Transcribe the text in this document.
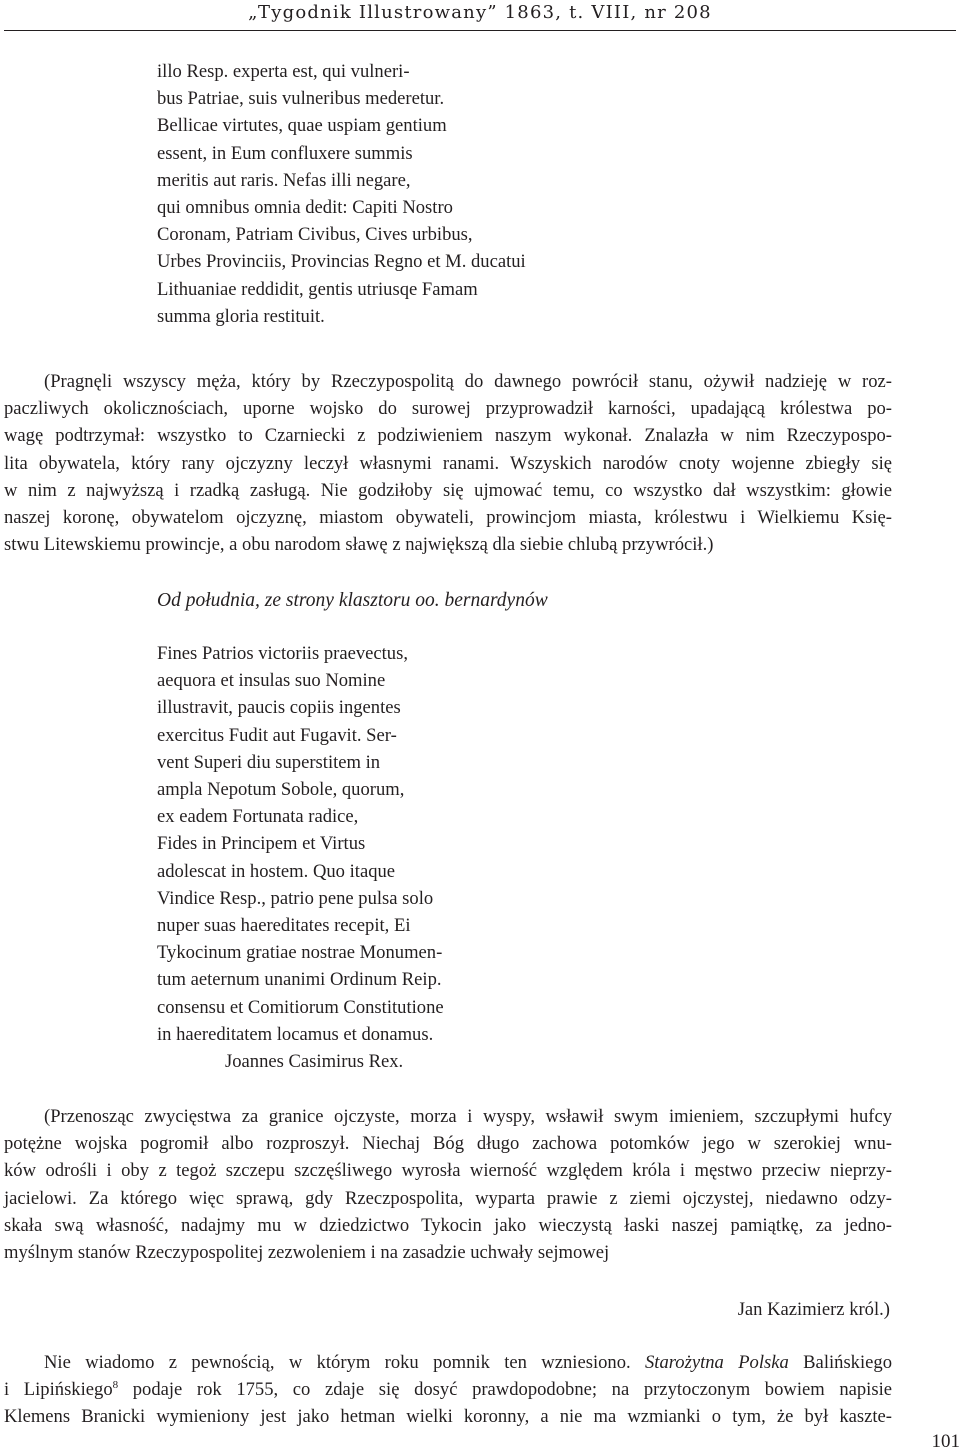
„Tygodnik Illustrowany” 1863, t. VIII, nr 208
illo Resp. experta est, qui vulneri-
bus Patriae, suis vulneribus mederetur.
Bellicae virtutes, quae uspiam gentium
essent, in Eum confluxere summis
meritis aut raris. Nefas illi negare,
qui omnibus omnia dedit: Capiti Nostro
Coronam, Patriam Civibus, Cives urbibus,
Urbes Provinciis, Provincias Regno et M. ducatui
Lithuaniae reddidit, gentis utriusqe Famam
summa gloria restituit.
(Pragnęli wszyscy męża, który by Rzeczypospolitą do dawnego powrócił stanu, ożywił nadzieję w roz-
paczliwych okolicznościach, uporne wojsko do surowej przyprowadził karności, upadającą królestwa po-
wagę podtrzymał: wszystko to Czarniecki z podziwieniem naszym wykonał. Znalazła w nim Rzeczypospo-
lita obywatela, który rany ojczyzny leczył własnymi ranami. Wszyskich narodów cnoty wojenne zbiegły się
w nim z najwyższą i rzadką zasługą. Nie godziłoby się ujmować temu, co wszystko dał wszystkim: głowie
naszej koronę, obywatelom ojczyznę, miastom obywateli, prowincjom miasta, królestwu i Wielkiemu Księ-
stwu Litewskiemu prowincje, a obu narodom sławę z największą dla siebie chlubą przywrócił.)
Od południa, ze strony klasztoru oo. bernardynów
Fines Patrios victoriis praevectus,
aequora et insulas suo Nomine
illustravit, paucis copiis ingentes
exercitus Fudit aut Fugavit. Ser-
vent Superi diu superstitem in
ampla Nepotum Sobole, quorum,
ex eadem Fortunata radice,
Fides in Principem et Virtus
adolescat in hostem. Quo itaque
Vindice Resp., patrio pene pulsa solo
nuper suas haereditates recepit, Ei
Tykocinum gratiae nostrae Monumen-
tum aeternum unanimi Ordinum Reip.
consensu et Comitiorum Constitutione
in haereditatem locamus et donamus.
Joannes Casimirus Rex.
(Przenosząc zwycięstwa za granice ojczyste, morza i wyspy, wsławił swym imieniem, szczupłymi hufcy
potężne wojska pogromił albo rozproszył. Niechaj Bóg długo zachowa potomków jego w szerokiej wnu-
ków odrośli i oby z tegoż szczepu szczęśliwego wyrosła wierność względem króla i męstwo przeciw nieprzy-
jacielowi. Za którego więc sprawą, gdy Rzeczpospolita, wyparta prawie z ziemi ojczystej, niedawno odzy-
skała swą własność, nadajmy mu w dziedzictwo Tykocin jako wieczystą łaski naszej pamiątkę, za jedno-
myślnym stanów Rzeczypospolitej zezwoleniem i na zasadzie uchwały sejmowej
Jan Kazimierz król.)
Nie wiadomo z pewnością, w którym roku pomnik ten wzniesiono. Starożytna Polska Balińskiego
i Lipińskiego$^8$ podaje rok 1755, co zdaje się dosyć prawdopodobne; na przytoczonym bowiem napisie
Klemens Branicki wymieniony jest jako hetman wielki koronny, a nie ma wzmianki o tym, że był kaszte-
101
